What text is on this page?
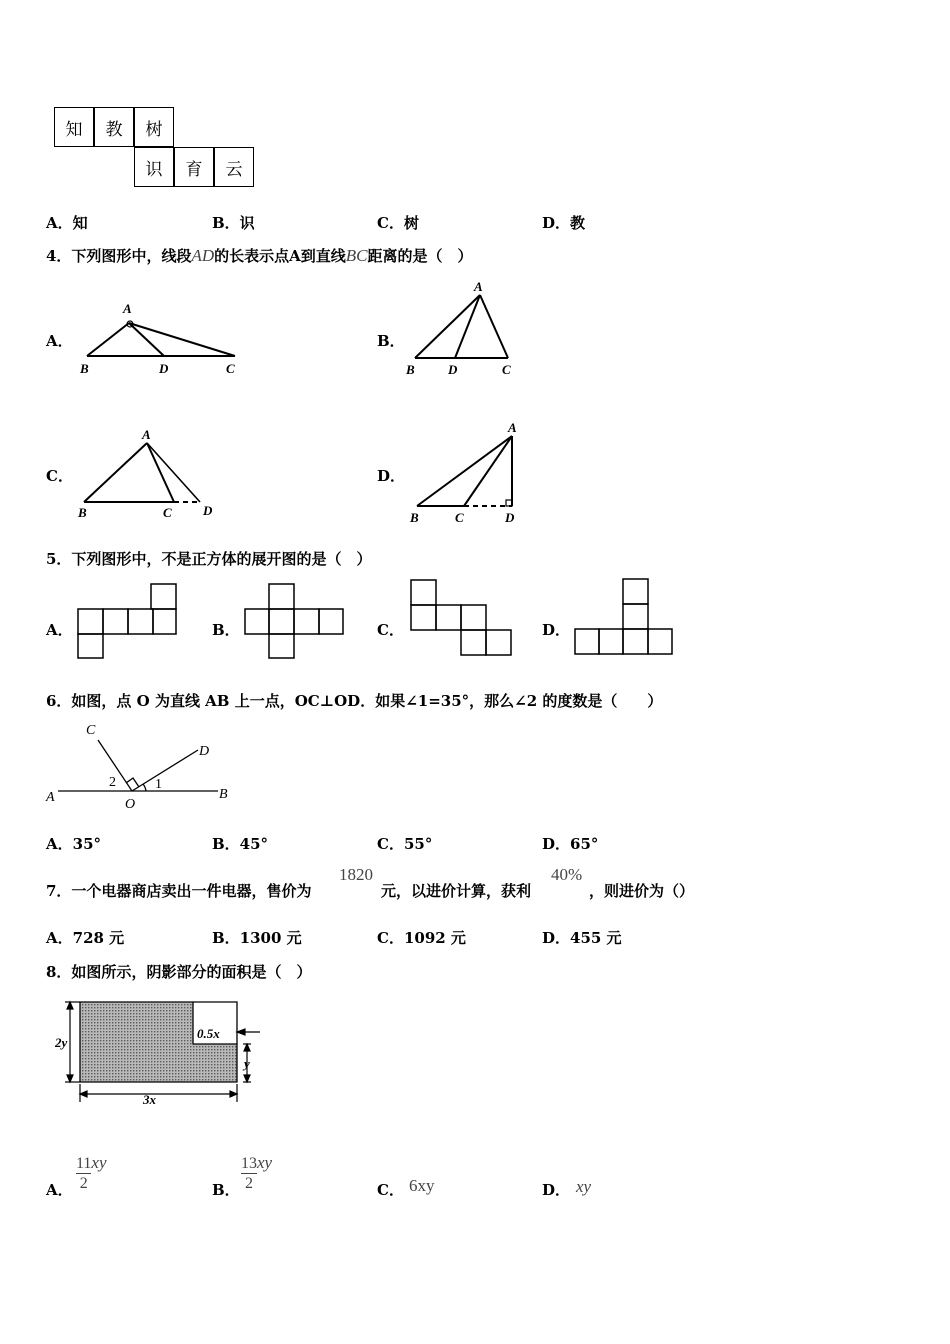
知	教	树
识	育	云
A．知	B．识	C．树	D．教
4．下列图形中，线段AD的长表示点A到直线BC距离的是（　）
A．
A
B	D	C
B．
A
B	D	C
C．
A
B	C D
D．
A
B	C	D
5．下列图形中，不是正方体的展开图的是（　）
A．	B．	C．	D．
6．如图，点 O 为直线 AB 上一点，OC⊥OD．如果∠1=35°，那么∠2 的度数是（　　）
A	B
C
D
O
1
2
A．35°	B．45°	C．55°	D．65°
7．一个电器商店卖出一件电器，售价为
1820
元，以进价计算，获利
40%
，则进价为（）
A．728 元	B．1300 元	C．1092 元	D．455 元
8．如图所示，阴影部分的面积是（　）
0.5x
2y
y
3x
A． $\frac{11}{2}$ xy
B． $\frac{13}{2}$ xy
C． 6xy	D． xy
